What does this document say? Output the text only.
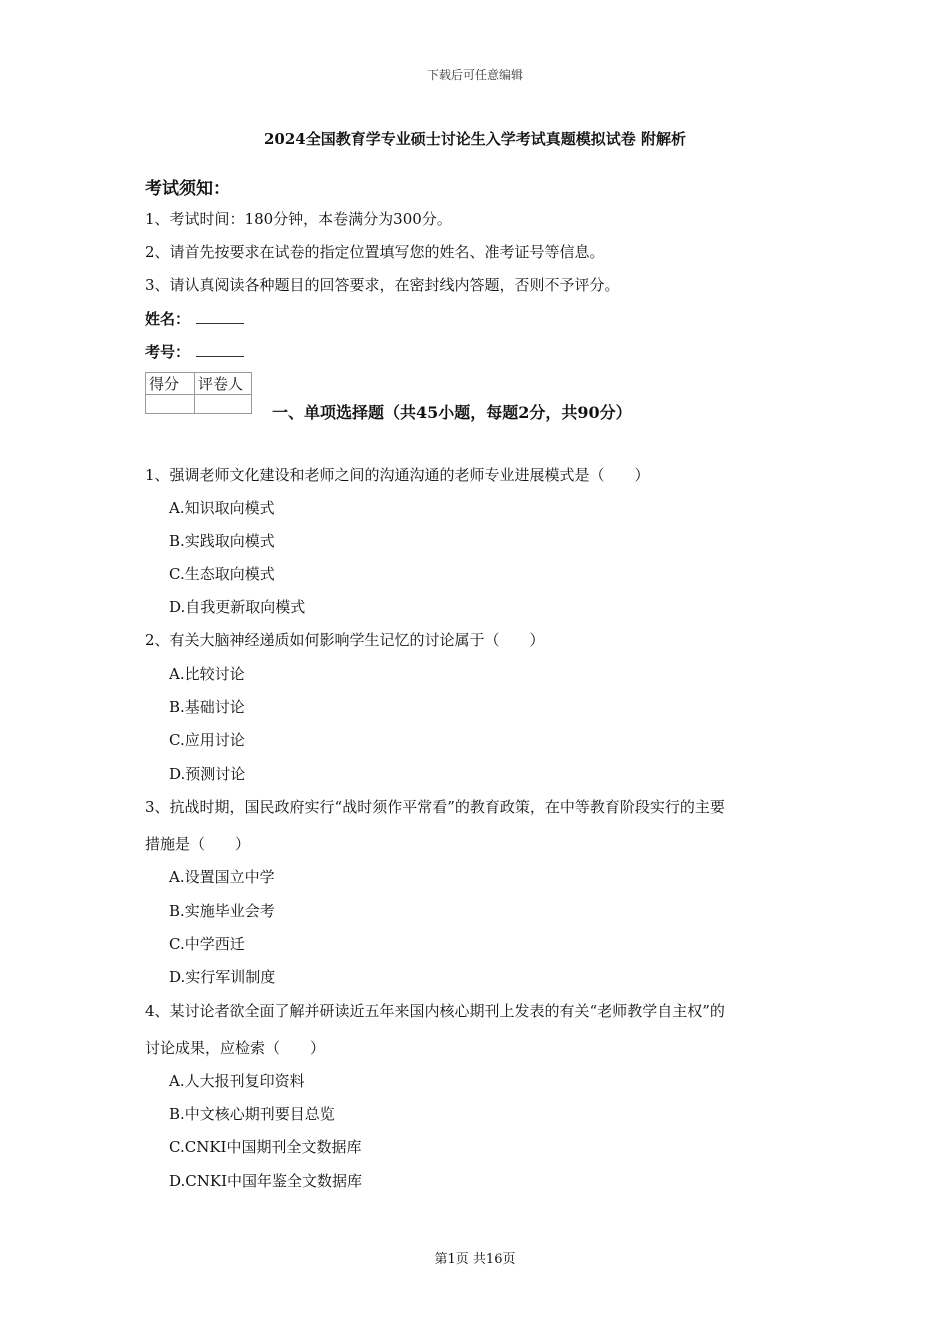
下载后可任意编辑
2024全国教育学专业硕士讨论生入学考试真题模拟试卷 附解析
考试须知：
1、考试时间：180分钟，本卷满分为300分。
2、请首先按要求在试卷的指定位置填写您的姓名、准考证号等信息。
3、请认真阅读各种题目的回答要求，在密封线内答题，否则不予评分。
姓名：
考号：
得分	评卷人

一、单项选择题（共45小题，每题2分，共90分）
1、强调老师文化建设和老师之间的沟通沟通的老师专业进展模式是（　　）
A.知识取向模式
B.实践取向模式
C.生态取向模式
D.自我更新取向模式
2、有关大脑神经递质如何影响学生记忆的讨论属于（　　）
A.比较讨论
B.基础讨论
C.应用讨论
D.预测讨论
3、抗战时期，国民政府实行“战时须作平常看”的教育政策，在中等教育阶段实行的主要
措施是（　　）
A.设置国立中学
B.实施毕业会考
C.中学西迁
D.实行军训制度
4、某讨论者欲全面了解并研读近五年来国内核心期刊上发表的有关“老师教学自主权”的
讨论成果，应检索（　　）
A.人大报刊复印资料
B.中文核心期刊要目总览
C.CNKI中国期刊全文数据库
D.CNKI中国年鉴全文数据库
第1页 共16页
